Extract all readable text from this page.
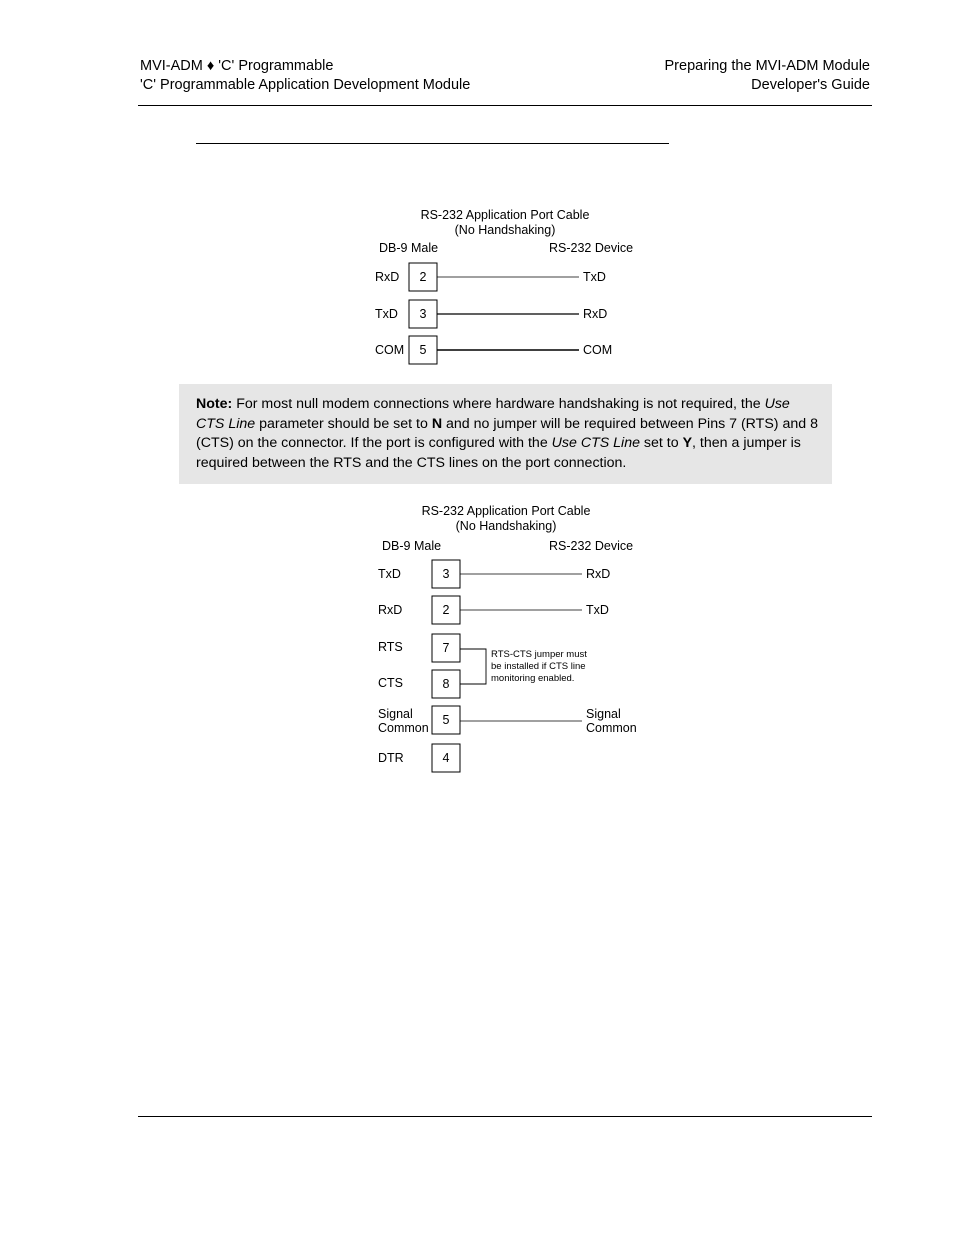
MVI-ADM ♦ 'C' Programmable
'C' Programmable Application Development Module
Preparing the MVI-ADM Module
Developer's Guide
RS-232 Application Port Cable
(No Handshaking)
DB-9 Male	RS-232 Device
RxD 2	TxD
TxD 3	RxD
COM 5	COM
Note: For most null modem connections where hardware handshaking is not required, the Use CTS Line parameter should be set to N and no jumper will be required between Pins 7 (RTS) and 8 (CTS) on the connector. If the port is configured with the Use CTS Line set to Y, then a jumper is required between the RTS and the CTS lines on the port connection.
RS-232 Application Port Cable
(No Handshaking)
DB-9 Male	RS-232 Device
TxD	3	RxD
RxD	2	TxD
RTS	7
CTS	8
RTS-CTS jumper must
be installed if CTS line
monitoring enabled.
Signal
Common
5	Signal
Common
DTR	4
